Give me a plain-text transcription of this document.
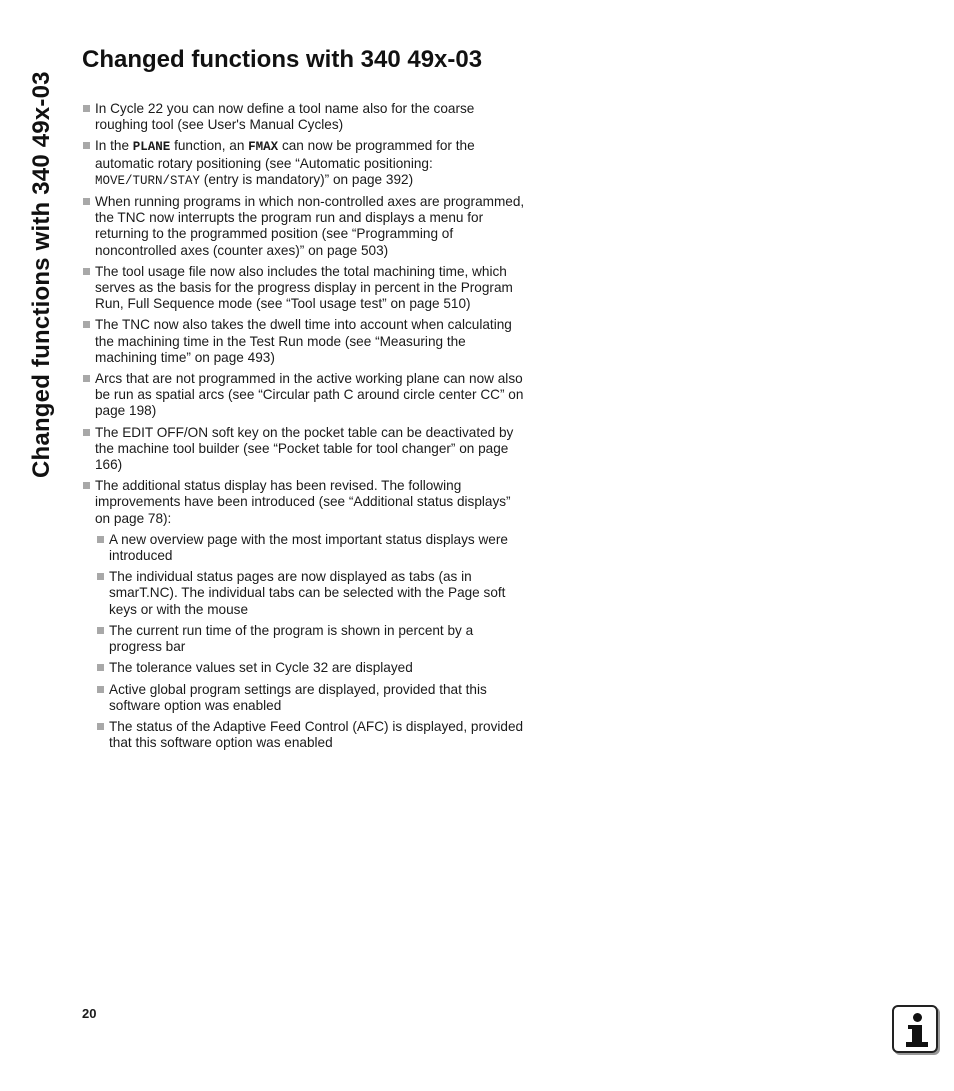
Changed functions with 340 49x-03
Changed functions with 340 49x-03
In Cycle 22 you can now define a tool name also for the coarse roughing tool (see User's Manual Cycles)
In the PLANE function, an FMAX can now be programmed for the automatic rotary positioning (see “Automatic positioning: MOVE/TURN/STAY (entry is mandatory)” on page 392)
When running programs in which non-controlled axes are programmed, the TNC now interrupts the program run and displays a menu for returning to the programmed position (see “Programming of noncontrolled axes (counter axes)” on page 503)
The tool usage file now also includes the total machining time, which serves as the basis for the progress display in percent in the Program Run, Full Sequence mode (see “Tool usage test” on page 510)
The TNC now also takes the dwell time into account when calculating the machining time in the Test Run mode (see “Measuring the machining time” on page 493)
Arcs that are not programmed in the active working plane can now also be run as spatial arcs (see “Circular path C around circle center CC” on page 198)
The EDIT OFF/ON soft key on the pocket table can be deactivated by the machine tool builder (see “Pocket table for tool changer” on page 166)
The additional status display has been revised. The following improvements have been introduced (see “Additional status displays” on page 78):
A new overview page with the most important status displays were introduced
The individual status pages are now displayed as tabs (as in smarT.NC). The individual tabs can be selected with the Page soft keys or with the mouse
The current run time of the program is shown in percent by a progress bar
The tolerance values set in Cycle 32 are displayed
Active global program settings are displayed, provided that this software option was enabled
The status of the Adaptive Feed Control (AFC) is displayed, provided that this software option was enabled
20
